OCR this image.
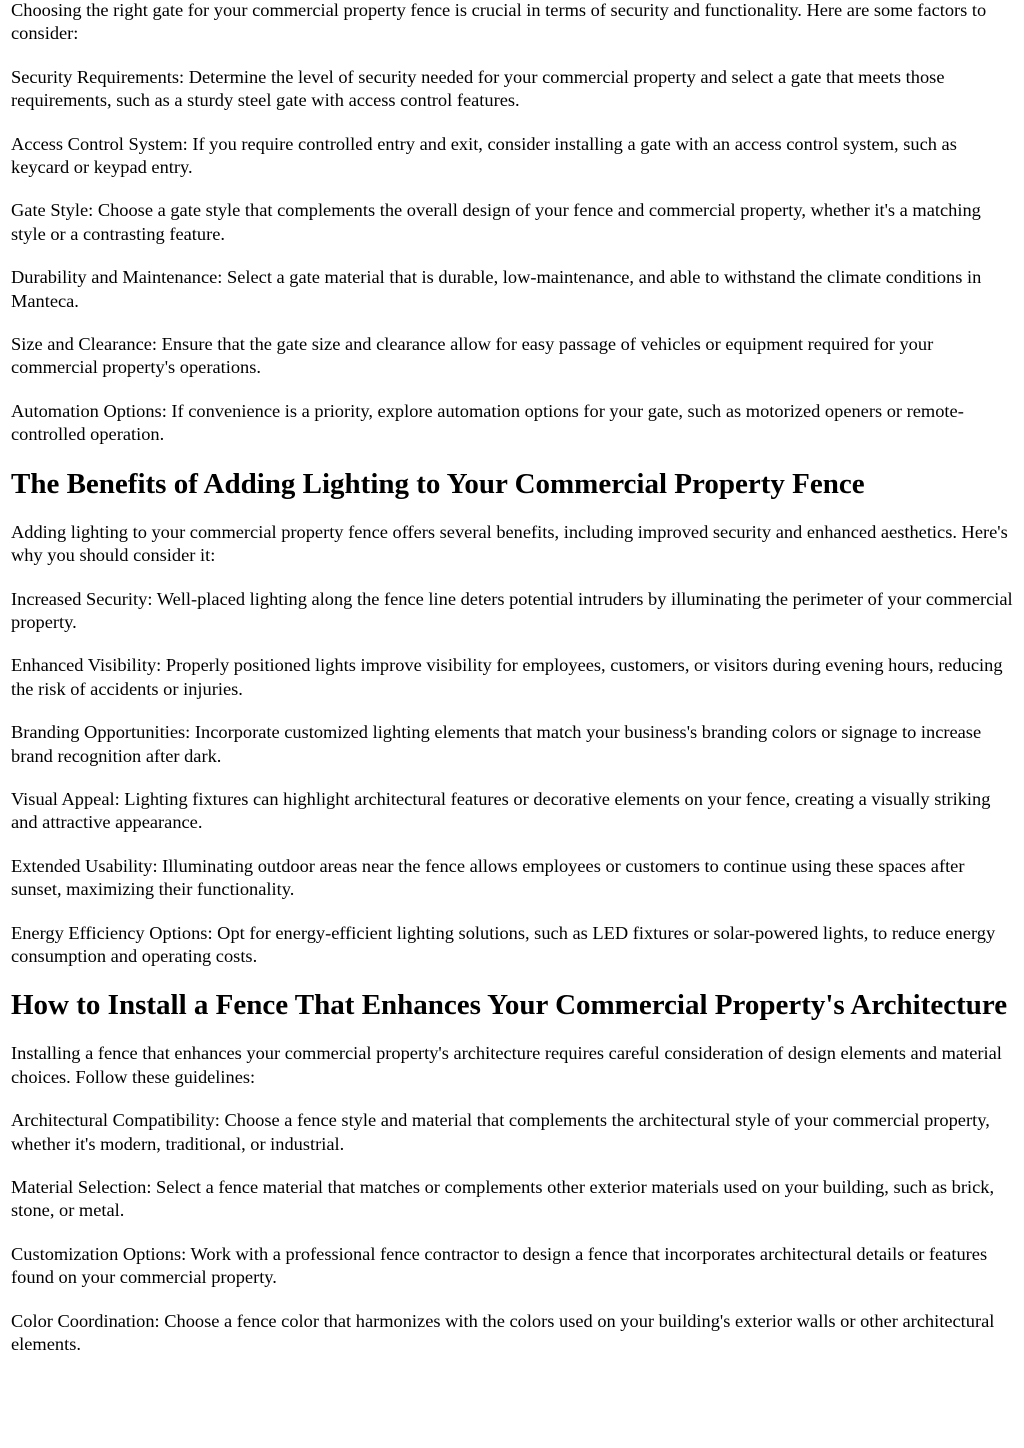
Choosing the right gate for your commercial property fence is crucial in terms of security and functionality. Here are some factors to consider:

Security Requirements: Determine the level of security needed for your commercial property and select a gate that meets those requirements, such as a sturdy steel gate with access control features.

Access Control System: If you require controlled entry and exit, consider installing a gate with an access control system, such as keycard or keypad entry.

Gate Style: Choose a gate style that complements the overall design of your fence and commercial property, whether it's a matching style or a contrasting feature.

Durability and Maintenance: Select a gate material that is durable, low-maintenance, and able to withstand the climate conditions in Manteca.

Size and Clearance: Ensure that the gate size and clearance allow for easy passage of vehicles or equipment required for your commercial property's operations.

Automation Options: If convenience is a priority, explore automation options for your gate, such as motorized openers or remote-controlled operation.

The Benefits of Adding Lighting to Your Commercial Property Fence

Adding lighting to your commercial property fence offers several benefits, including improved security and enhanced aesthetics. Here's why you should consider it:

Increased Security: Well-placed lighting along the fence line deters potential intruders by illuminating the perimeter of your commercial property.

Enhanced Visibility: Properly positioned lights improve visibility for employees, customers, or visitors during evening hours, reducing the risk of accidents or injuries.

Branding Opportunities: Incorporate customized lighting elements that match your business's branding colors or signage to increase brand recognition after dark.

Visual Appeal: Lighting fixtures can highlight architectural features or decorative elements on your fence, creating a visually striking and attractive appearance.

Extended Usability: Illuminating outdoor areas near the fence allows employees or customers to continue using these spaces after sunset, maximizing their functionality.

Energy Efficiency Options: Opt for energy-efficient lighting solutions, such as LED fixtures or solar-powered lights, to reduce energy consumption and operating costs.

How to Install a Fence That Enhances Your Commercial Property's Architecture

Installing a fence that enhances your commercial property's architecture requires careful consideration of design elements and material choices. Follow these guidelines:

Architectural Compatibility: Choose a fence style and material that complements the architectural style of your commercial property, whether it's modern, traditional, or industrial.

Material Selection: Select a fence material that matches or complements other exterior materials used on your building, such as brick, stone, or metal.

Customization Options: Work with a professional fence contractor to design a fence that incorporates architectural details or features found on your commercial property.

Color Coordination: Choose a fence color that harmonizes with the colors used on your building's exterior walls or other architectural elements.
